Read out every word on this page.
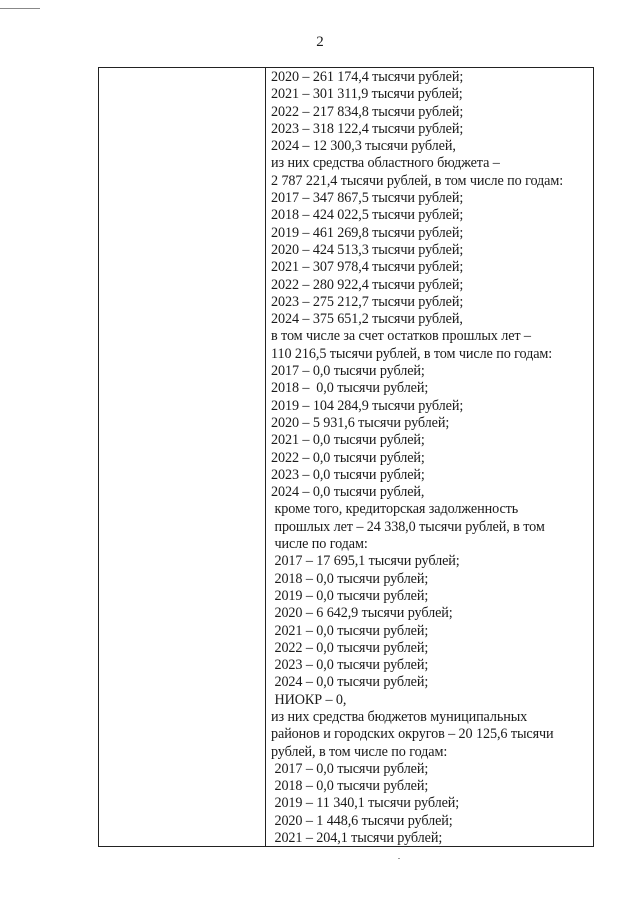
2
2020 – 261 174,4 тысячи рублей;
2021 – 301 311,9 тысячи рублей;
2022 – 217 834,8 тысячи рублей;
2023 – 318 122,4 тысячи рублей;
2024 – 12 300,3 тысячи рублей,
из них средства областного бюджета –
2 787 221,4 тысячи рублей, в том числе по годам:
2017 – 347 867,5 тысячи рублей;
2018 – 424 022,5 тысячи рублей;
2019 – 461 269,8 тысячи рублей;
2020 – 424 513,3 тысячи рублей;
2021 – 307 978,4 тысячи рублей;
2022 – 280 922,4 тысячи рублей;
2023 – 275 212,7 тысячи рублей;
2024 – 375 651,2 тысячи рублей,
в том числе за счет остатков прошлых лет –
110 216,5 тысячи рублей, в том числе по годам:
2017 – 0,0 тысячи рублей;
2018 –  0,0 тысячи рублей;
2019 – 104 284,9 тысячи рублей;
2020 – 5 931,6 тысячи рублей;
2021 – 0,0 тысячи рублей;
2022 – 0,0 тысячи рублей;
2023 – 0,0 тысячи рублей;
2024 – 0,0 тысячи рублей,
кроме того, кредиторская задолженность
прошлых лет – 24 338,0 тысячи рублей, в том
числе по годам:
2017 – 17 695,1 тысячи рублей;
2018 – 0,0 тысячи рублей;
2019 – 0,0 тысячи рублей;
2020 – 6 642,9 тысячи рублей;
2021 – 0,0 тысячи рублей;
2022 – 0,0 тысячи рублей;
2023 – 0,0 тысячи рублей;
2024 – 0,0 тысячи рублей;
НИОКР – 0,
из них средства бюджетов муниципальных
районов и городских округов – 20 125,6 тысячи
рублей, в том числе по годам:
2017 – 0,0 тысячи рублей;
2018 – 0,0 тысячи рублей;
2019 – 11 340,1 тысячи рублей;
2020 – 1 448,6 тысячи рублей;
2021 – 204,1 тысячи рублей;
